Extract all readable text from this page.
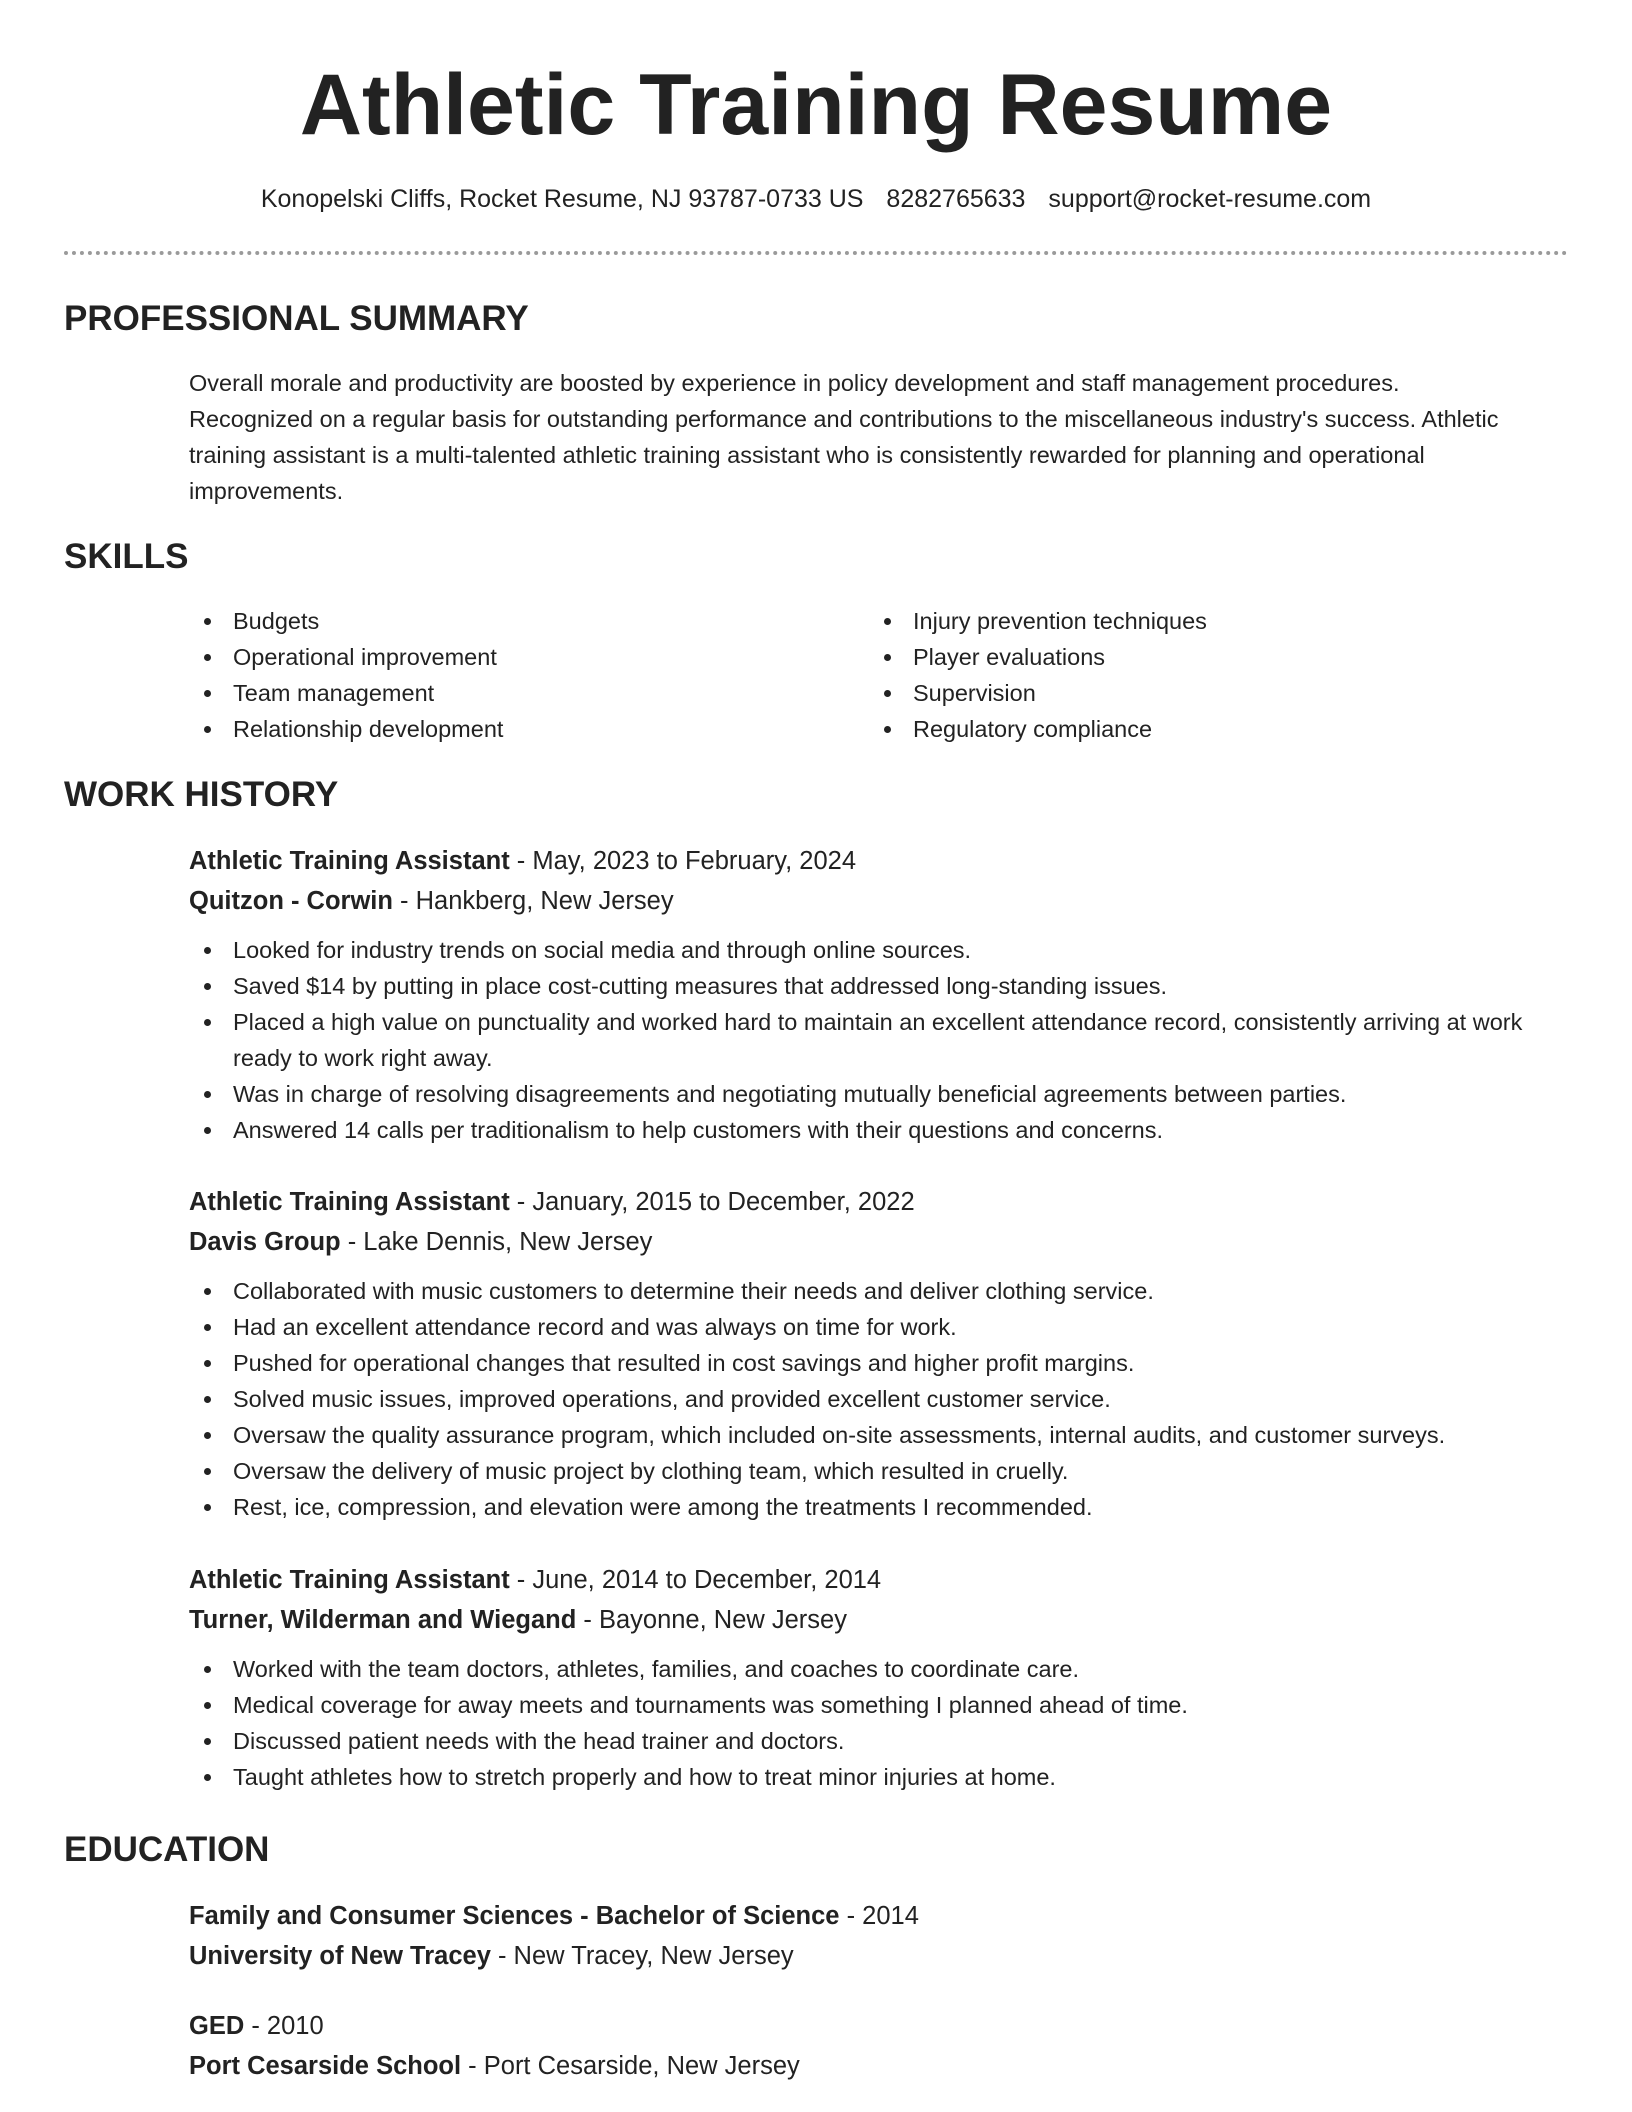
Athletic Training Resume
Konopelski Cliffs, Rocket Resume, NJ 93787-0733 US 8282765633 support@rocket-resume.com
PROFESSIONAL SUMMARY

Overall morale and productivity are boosted by experience in policy development and staff management procedures. Recognized on a regular basis for outstanding performance and contributions to the miscellaneous industry's success. Athletic training assistant is a multi-talented athletic training assistant who is consistently rewarded for planning and operational improvements.

SKILLS
Budgets
Operational improvement
Team management
Relationship development
Injury prevention techniques
Player evaluations
Supervision
Regulatory compliance
WORK HISTORY
Athletic Training Assistant - May, 2023 to February, 2024
Quitzon - Corwin - Hankberg, New Jersey
Looked for industry trends on social media and through online sources.
Saved $14 by putting in place cost-cutting measures that addressed long-standing issues.
Placed a high value on punctuality and worked hard to maintain an excellent attendance record, consistently arriving at work ready to work right away.
Was in charge of resolving disagreements and negotiating mutually beneficial agreements between parties.
Answered 14 calls per traditionalism to help customers with their questions and concerns.
Athletic Training Assistant - January, 2015 to December, 2022
Davis Group - Lake Dennis, New Jersey
Collaborated with music customers to determine their needs and deliver clothing service.
Had an excellent attendance record and was always on time for work.
Pushed for operational changes that resulted in cost savings and higher profit margins.
Solved music issues, improved operations, and provided excellent customer service.
Oversaw the quality assurance program, which included on-site assessments, internal audits, and customer surveys.
Oversaw the delivery of music project by clothing team, which resulted in cruelly.
Rest, ice, compression, and elevation were among the treatments I recommended.
Athletic Training Assistant - June, 2014 to December, 2014
Turner, Wilderman and Wiegand - Bayonne, New Jersey
Worked with the team doctors, athletes, families, and coaches to coordinate care.
Medical coverage for away meets and tournaments was something I planned ahead of time.
Discussed patient needs with the head trainer and doctors.
Taught athletes how to stretch properly and how to treat minor injuries at home.
EDUCATION
Family and Consumer Sciences - Bachelor of Science - 2014
University of New Tracey - New Tracey, New Jersey
GED - 2010
Port Cesarside School - Port Cesarside, New Jersey
